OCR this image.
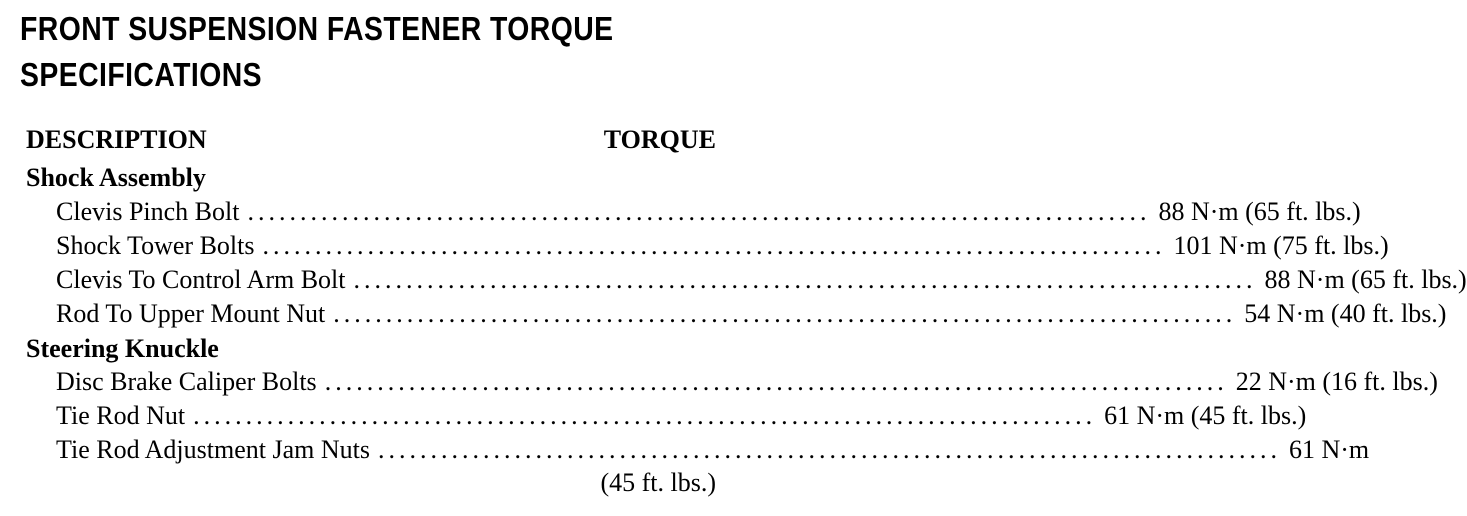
FRONT SUSPENSION FASTENER TORQUE
SPECIFICATIONS
DESCRIPTION	TORQUE
Shock Assembly
Clevis Pinch Bolt ...................................................................................... 88 N·m (65 ft. lbs.)
Shock Tower Bolts ...................................................................................... 101 N·m (75 ft. lbs.)
Clevis To Control Arm Bolt ...................................................................................... 88 N·m (65 ft. lbs.)
Rod To Upper Mount Nut ...................................................................................... 54 N·m (40 ft. lbs.)
Steering Knuckle
Disc Brake Caliper Bolts ...................................................................................... 22 N·m (16 ft. lbs.)
Tie Rod Nut ...................................................................................... 61 N·m (45 ft. lbs.)
Tie Rod Adjustment Jam Nuts ...................................................................................... 61 N·m
(45 ft. lbs.)
